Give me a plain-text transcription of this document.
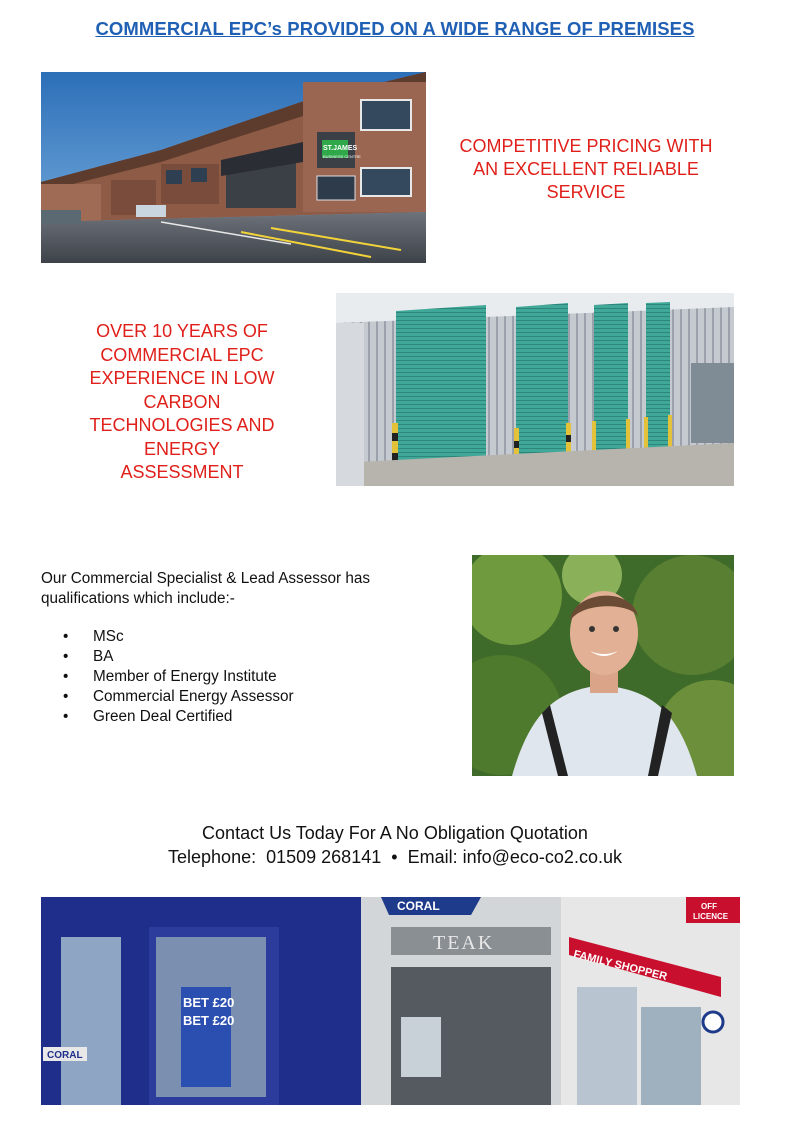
COMMERCIAL EPC’s PROVIDED ON A WIDE RANGE OF PREMISES
ST.JAMES
BUSINESS CENTRE
COMPETITIVE PRICING WITH
AN EXCELLENT RELIABLE
SERVICE
OVER 10 YEARS OF
COMMERCIAL EPC
EXPERIENCE IN LOW
CARBON
TECHNOLOGIES AND
ENERGY
ASSESSMENT
Our Commercial Specialist & Lead Assessor has
qualifications which include:-
• MSc
• BA
• Member of Energy Institute
• Commercial Energy Assessor
• Green Deal Certified
Contact Us Today For A No Obligation Quotation
Telephone: 01509 268141 • Email: info@eco-co2.co.uk
BET £20
BET £20
CORAL
CORAL
TEAK
FAMILY SHOPPER
OFF
LICENCE
